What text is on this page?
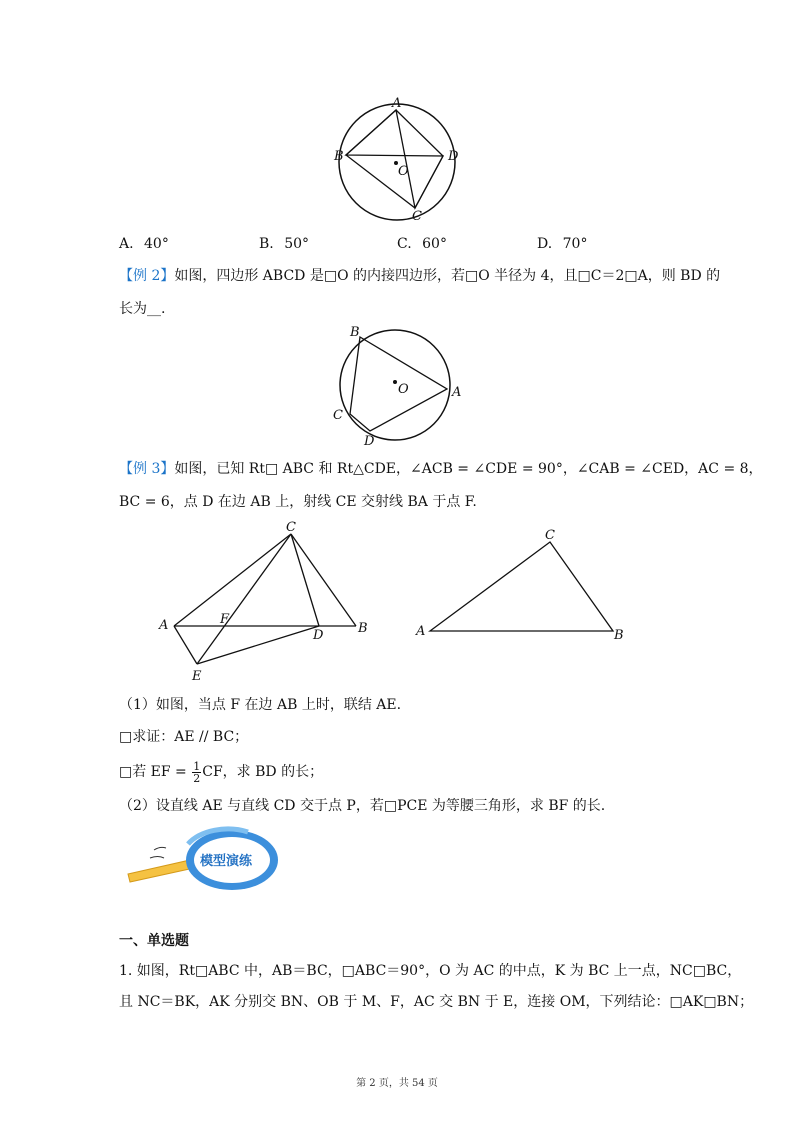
A
B	D
C
O
A. 40°	B. 50°	C. 60°	D. 70°
【例 2】如图，四边形 ABCD 是□O 的内接四边形，若□O 半径为 4，且□C＝2□A，则 BD 的
长为__.
B
A
C
D
O
【例 3】如图，已知 Rt□ ABC 和 Rt△CDE，∠ACB = ∠CDE = 90°，∠CAB = ∠CED，AC = 8，
BC = 6，点 D 在边 AB 上，射线 CE 交射线 BA 于点 F.
C
A	F
D	B
E
C
A	B
（1）如图，当点 F 在边 AB 上时，联结 AE.
□求证：AE // BC；
□若 EF = $\frac{1}{2}$ CF，求 BD 的长；
（2）设直线 AE 与直线 CD 交于点 P，若□PCE 为等腰三角形，求 BF 的长.
模型演练
一、单选题
1. 如图，Rt□ABC 中，AB＝BC，□ABC＝90°，O 为 AC 的中点，K 为 BC 上一点，NC□BC，
且 NC＝BK，AK 分别交 BN、OB 于 M、F，AC 交 BN 于 E，连接 OM，下列结论：□AK□BN；
第 2 页，共 54 页
